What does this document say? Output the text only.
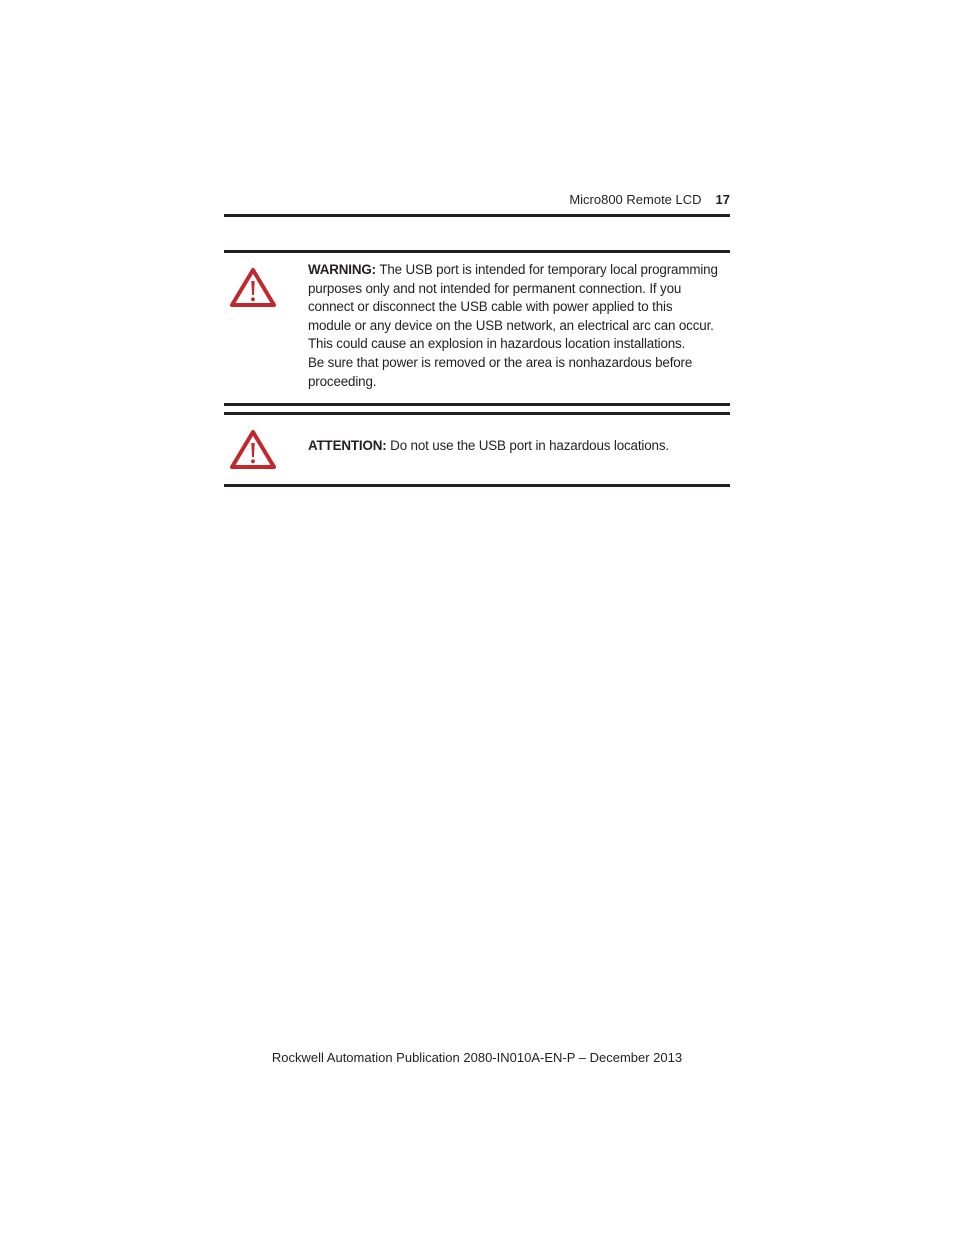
Micro800 Remote LCD 17

WARNING: The USB port is intended for temporary local programming purposes only and not intended for permanent connection. If you connect or disconnect the USB cable with power applied to this module or any device on the USB network, an electrical arc can occur. This could cause an explosion in hazardous location installations.

Be sure that power is removed or the area is nonhazardous before proceeding.

ATTENTION: Do not use the USB port in hazardous locations.

Rockwell Automation Publication 2080-IN010A-EN-P – December 2013
